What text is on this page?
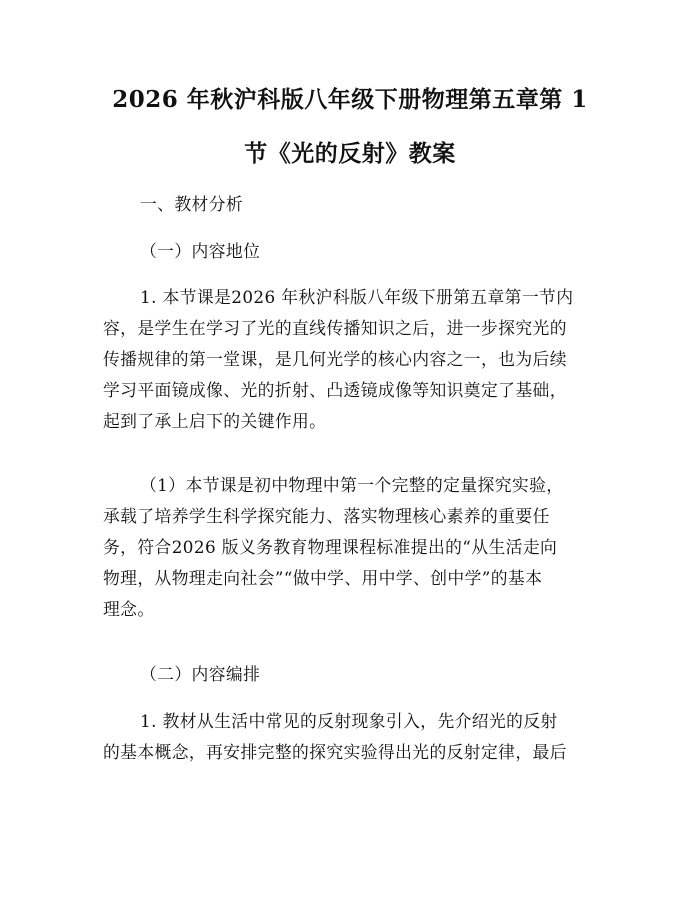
2026 年秋沪科版八年级下册物理第五章第 1
节《光的反射》教案
一、教材分析
（一）内容地位
1. 本节课是2026 年秋沪科版八年级下册第五章第一节内
容，是学生在学习了光的直线传播知识之后，进一步探究光的
传播规律的第一堂课，是几何光学的核心内容之一，也为后续
学习平面镜成像、光的折射、凸透镜成像等知识奠定了基础，
起到了承上启下的关键作用。
（1）本节课是初中物理中第一个完整的定量探究实验，
承载了培养学生科学探究能力、落实物理核心素养的重要任
务，符合2026 版义务教育物理课程标准提出的“从生活走向
物理，从物理走向社会”“做中学、用中学、创中学”的基本
理念。
（二）内容编排
1. 教材从生活中常见的反射现象引入，先介绍光的反射
的基本概念，再安排完整的探究实验得出光的反射定律，最后
